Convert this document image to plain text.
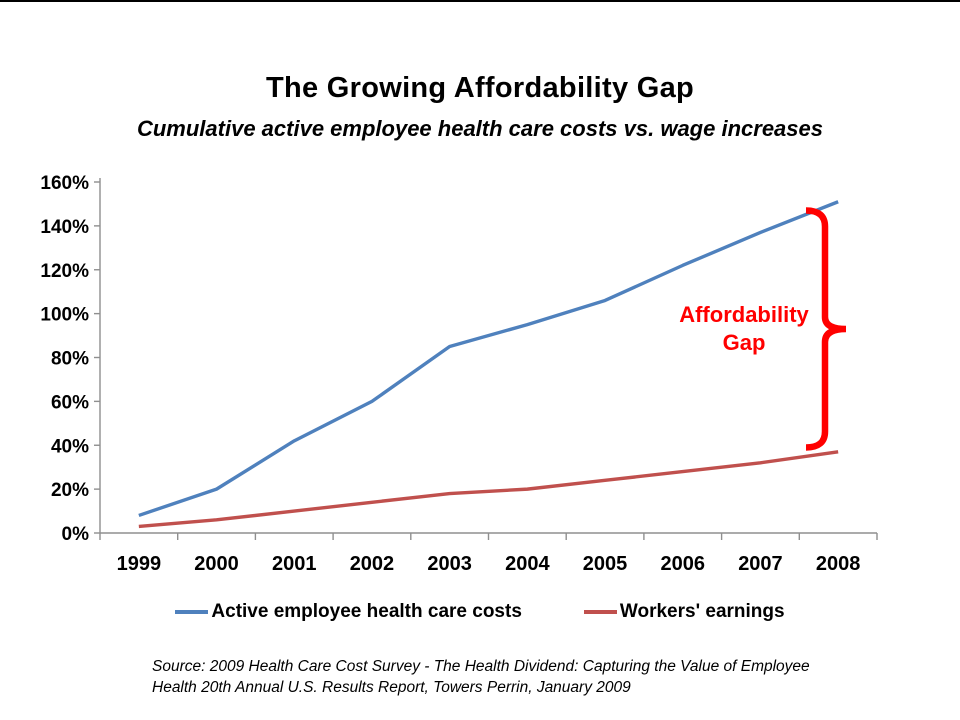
The Growing Affordability Gap
Cumulative active employee health care costs vs. wage increases
0%
20%
40%
60%
80%
100%
120%
140%
160%
1999 2000 2001 2002 2003 2004 2005 2006 2007 2008
Affordability
Gap
Active employee health care costs	Workers' earnings
Source: 2009 Health Care Cost Survey - The Health Dividend: Capturing the Value of Employee
Health 20th Annual U.S. Results Report, Towers Perrin, January 2009
